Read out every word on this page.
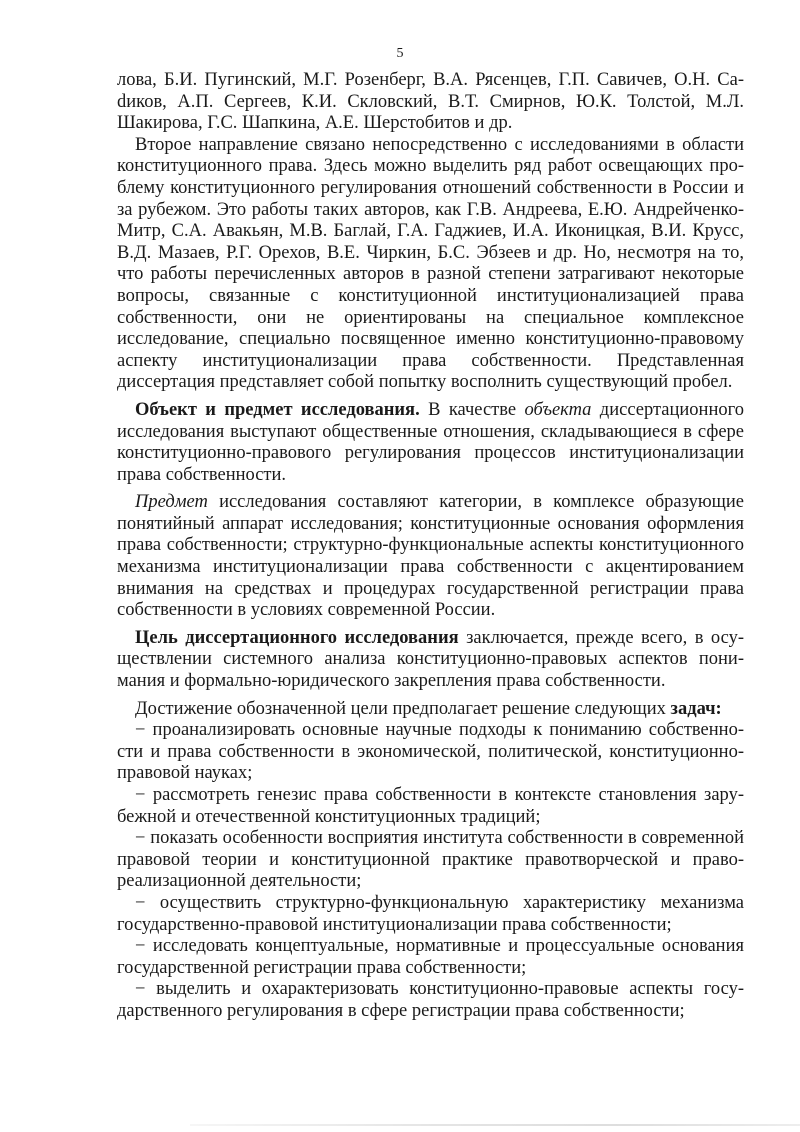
5

лова, Б.И. Пугинский, М.Г. Розенберг, В.А. Рясенцев, Г.П. Савичев, О.Н. Саdиков, А.П. Сергеев, К.И. Скловский, В.Т. Смирнов, Ю.К. Толстой, М.Л. Шакирова, Г.С. Шапкина, А.Е. Шерстобитов и др.

Второе направление связано непосредственно с исследованиями в области конституционного права. Здесь можно выделить ряд работ освещающих проблему конституционного регулирования отношений собственности в России и за рубежом. Это работы таких авторов, как Г.В. Андреева, Е.Ю. Андрейченко-Митр, С.А. Авакьян, М.В. Баглай, Г.А. Гаджиев, И.А. Иконицкая, В.И. Крусс, В.Д. Мазаев, Р.Г. Орехов, В.Е. Чиркин, Б.С. Эбзеев и др. Но, несмотря на то, что работы перечисленных авторов в разной степени затрагивают некоторые вопросы, связанные с конституционной институционализацией права собственности, они не ориентированы на специальное комплексное исследование, специально посвященное именно конституционно-правовому аспекту институционализации права собственности. Представленная диссертация представляет собой попытку восполнить существующий пробел.

Объект и предмет исследования. В качестве объекта диссертационного исследования выступают общественные отношения, складывающиеся в сфере конституционно-правового регулирования процессов институционализации права собственности.

Предмет исследования составляют категории, в комплексе образующие понятийный аппарат исследования; конституционные основания оформления права собственности; структурно-функциональные аспекты конституционного механизма институционализации права собственности с акцентированием внимания на средствах и процедурах государственной регистрации права собственности в условиях современной России.

Цель диссертационного исследования заключается, прежде всего, в осуществлении системного анализа конституционно-правовых аспектов понимания и формально-юридического закрепления права собственности.

Достижение обозначенной цели предполагает решение следующих задач:

− проанализировать основные научные подходы к пониманию собственности и права собственности в экономической, политической, конституционно-правовой науках;

− рассмотреть генезис права собственности в контексте становления зарубежной и отечественной конституционных традиций;

− показать особенности восприятия института собственности в современной правовой теории и конституционной практике правотворческой и правореализационной деятельности;

− осуществить структурно-функциональную характеристику механизма государственно-правовой институционализации права собственности;

− исследовать концептуальные, нормативные и процессуальные основания государственной регистрации права собственности;

− выделить и охарактеризовать конституционно-правовые аспекты государственного регулирования в сфере регистрации права собственности;
